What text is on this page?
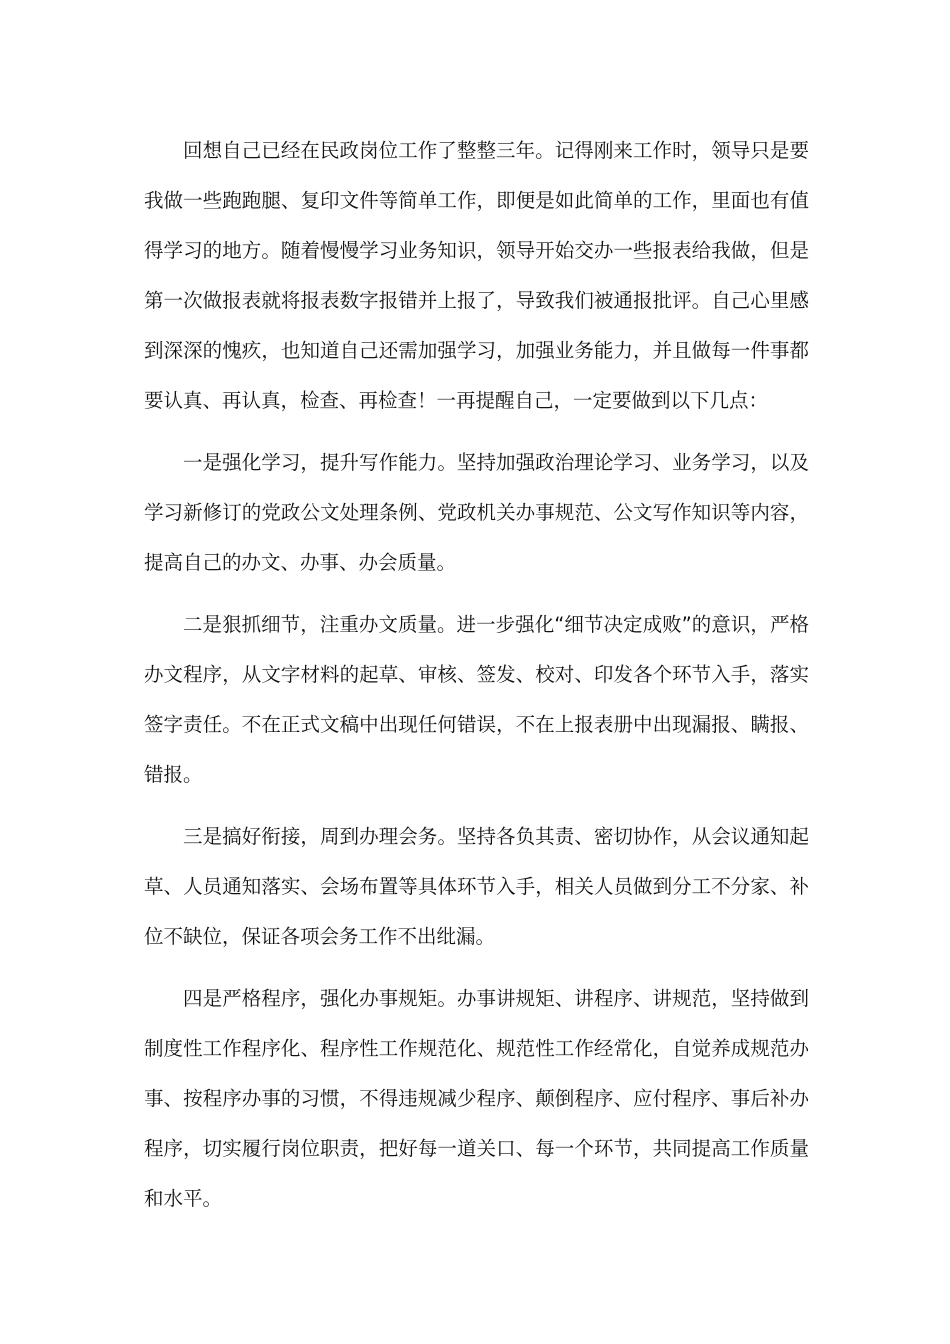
回想自己已经在民政岗位工作了整整三年。记得刚来工作时，领导只是要我做一些跑跑腿、复印文件等简单工作，即便是如此简单的工作，里面也有值得学习的地方。随着慢慢学习业务知识，领导开始交办一些报表给我做，但是第一次做报表就将报表数字报错并上报了，导致我们被通报批评。自己心里感到深深的愧疚，也知道自己还需加强学习，加强业务能力，并且做每一件事都要认真、再认真，检查、再检查！一再提醒自己，一定要做到以下几点：

一是强化学习，提升写作能力。坚持加强政治理论学习、业务学习，以及学习新修订的党政公文处理条例、党政机关办事规范、公文写作知识等内容，提高自己的办文、办事、办会质量。

二是狠抓细节，注重办文质量。进一步强化“细节决定成败”的意识，严格办文程序，从文字材料的起草、审核、签发、校对、印发各个环节入手，落实签字责任。不在正式文稿中出现任何错误，不在上报表册中出现漏报、瞒报、错报。

三是搞好衔接，周到办理会务。坚持各负其责、密切协作，从会议通知起草、人员通知落实、会场布置等具体环节入手，相关人员做到分工不分家、补位不缺位，保证各项会务工作不出纰漏。

四是严格程序，强化办事规矩。办事讲规矩、讲程序、讲规范，坚持做到制度性工作程序化、程序性工作规范化、规范性工作经常化，自觉养成规范办事、按程序办事的习惯，不得违规减少程序、颠倒程序、应付程序、事后补办程序，切实履行岗位职责，把好每一道关口、每一个环节，共同提高工作质量和水平。
